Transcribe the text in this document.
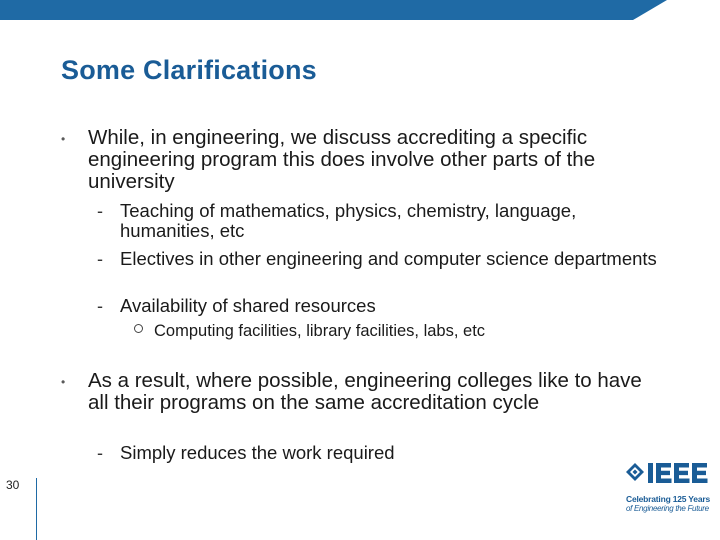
Some Clarifications
• While, in engineering, we discuss accrediting a specific engineering program this does involve other parts of the university
- Teaching of mathematics, physics, chemistry, language, humanities, etc
- Electives in other engineering and computer science departments
- Availability of shared resources
Computing facilities, library facilities, labs, etc
• As a result, where possible, engineering colleges like to have all their programs on the same accreditation cycle
- Simply reduces the work required
30
Celebrating 125 Years
of Engineering the Future
